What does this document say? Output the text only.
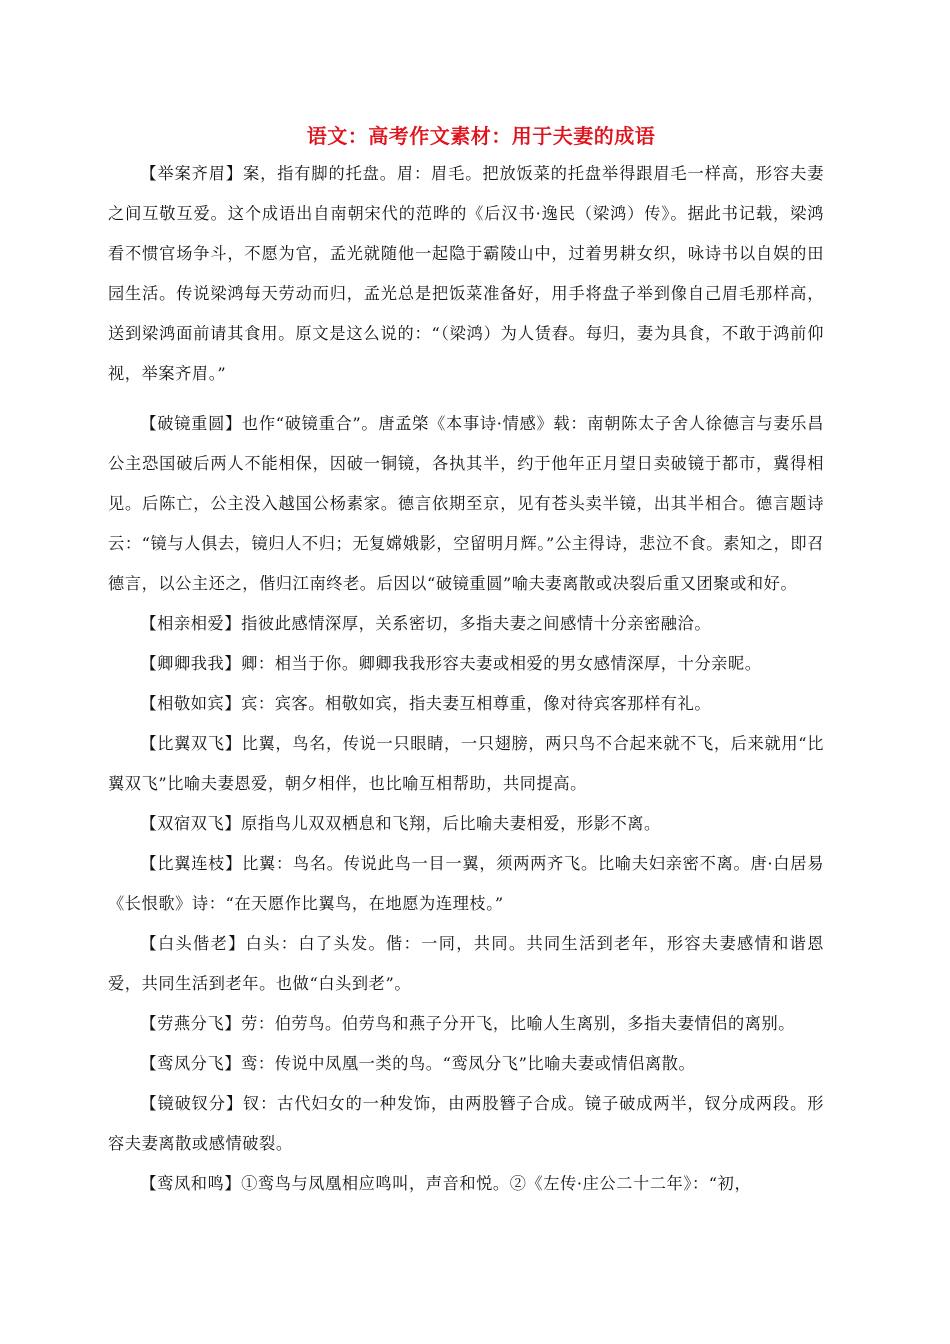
语文：高考作文素材：用于夫妻的成语

【举案齐眉】案，指有脚的托盘。眉：眉毛。把放饭菜的托盘举得跟眉毛一样高，形容夫妻之间互敬互爱。这个成语出自南朝宋代的范晔的《后汉书·逸民（梁鸿）传》。据此书记载，梁鸿看不惯官场争斗，不愿为官，孟光就随他一起隐于霸陵山中，过着男耕女织，咏诗书以自娱的田园生活。传说梁鸿每天劳动而归，孟光总是把饭菜准备好，用手将盘子举到像自己眉毛那样高，送到梁鸿面前请其食用。原文是这么说的：“（梁鸿）为人赁舂。每归，妻为具食，不敢于鸿前仰视，举案齐眉。”

【破镜重圆】也作“破镜重合”。唐孟棨《本事诗·情感》载：南朝陈太子舍人徐德言与妻乐昌公主恐国破后两人不能相保，因破一铜镜，各执其半，约于他年正月望日卖破镜于都市，冀得相见。后陈亡，公主没入越国公杨素家。德言依期至京，见有苍头卖半镜，出其半相合。德言题诗云：“镜与人俱去，镜归人不归；无复嫦娥影，空留明月辉。”公主得诗，悲泣不食。素知之，即召德言，以公主还之，偕归江南终老。后因以“破镜重圆”喻夫妻离散或决裂后重又团聚或和好。

【相亲相爱】指彼此感情深厚，关系密切，多指夫妻之间感情十分亲密融洽。

【卿卿我我】卿：相当于你。卿卿我我形容夫妻或相爱的男女感情深厚，十分亲昵。

【相敬如宾】宾：宾客。相敬如宾，指夫妻互相尊重，像对待宾客那样有礼。

【比翼双飞】比翼，鸟名，传说一只眼睛，一只翅膀，两只鸟不合起来就不飞，后来就用“比翼双飞”比喻夫妻恩爱，朝夕相伴，也比喻互相帮助，共同提高。

【双宿双飞】原指鸟儿双双栖息和飞翔，后比喻夫妻相爱，形影不离。

【比翼连枝】比翼：鸟名。传说此鸟一目一翼，须两两齐飞。比喻夫妇亲密不离。唐·白居易《长恨歌》诗：“在天愿作比翼鸟，在地愿为连理枝。”

【白头偕老】白头：白了头发。偕：一同，共同。共同生活到老年，形容夫妻感情和谐恩爱，共同生活到老年。也做“白头到老”。

【劳燕分飞】劳：伯劳鸟。伯劳鸟和燕子分开飞，比喻人生离别，多指夫妻情侣的离别。

【鸾凤分飞】鸾：传说中凤凰一类的鸟。“鸾凤分飞”比喻夫妻或情侣离散。

【镜破钗分】钗：古代妇女的一种发饰，由两股簪子合成。镜子破成两半，钗分成两段。形容夫妻离散或感情破裂。

【鸾凤和鸣】①鸾鸟与凤凰相应鸣叫，声音和悦。②《左传·庄公二十二年》：“初，
